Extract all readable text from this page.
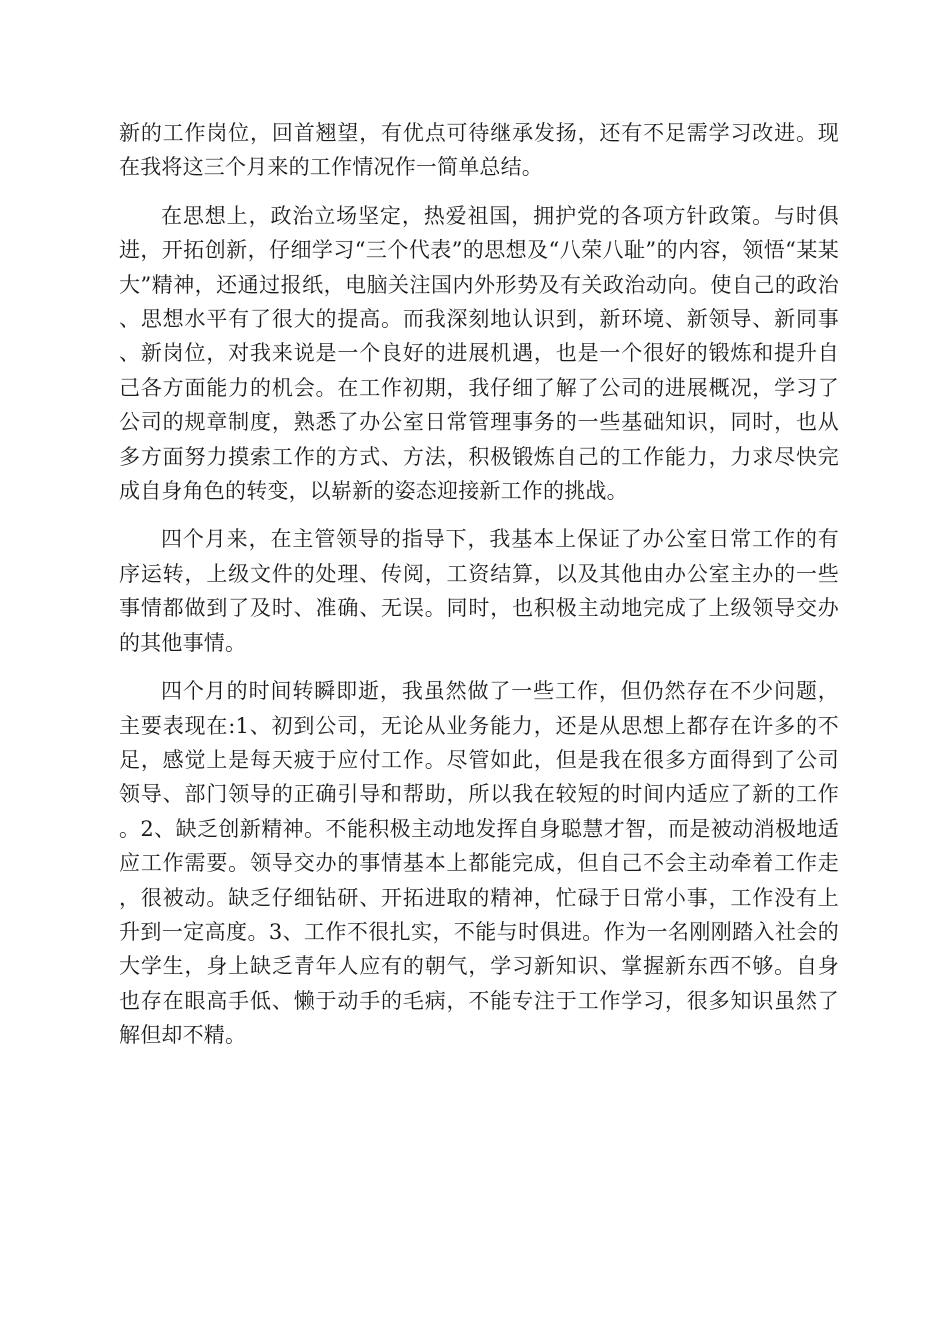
新的工作岗位，回首翘望，有优点可待继承发扬，还有不足需学习改进。现在我将这三个月来的工作情况作一简单总结。

在思想上，政治立场坚定，热爱祖国，拥护党的各项方针政策。与时俱进，开拓创新，仔细学习“三个代表”的思想及“八荣八耻”的内容，领悟“某某大”精神，还通过报纸，电脑关注国内外形势及有关政治动向。使自己的政治、思想水平有了很大的提高。而我深刻地认识到，新环境、新领导、新同事、新岗位，对我来说是一个良好的进展机遇，也是一个很好的锻炼和提升自己各方面能力的机会。在工作初期，我仔细了解了公司的进展概况，学习了公司的规章制度，熟悉了办公室日常管理事务的一些基础知识，同时，也从多方面努力摸索工作的方式、方法，积极锻炼自己的工作能力，力求尽快完成自身角色的转变，以崭新的姿态迎接新工作的挑战。

四个月来，在主管领导的指导下，我基本上保证了办公室日常工作的有序运转，上级文件的处理、传阅，工资结算，以及其他由办公室主办的一些事情都做到了及时、准确、无误。同时，也积极主动地完成了上级领导交办的其他事情。

四个月的时间转瞬即逝，我虽然做了一些工作，但仍然存在不少问题，主要表现在:1、初到公司，无论从业务能力，还是从思想上都存在许多的不足，感觉上是每天疲于应付工作。尽管如此，但是我在很多方面得到了公司领导、部门领导的正确引导和帮助，所以我在较短的时间内适应了新的工作。2、缺乏创新精神。不能积极主动地发挥自身聪慧才智，而是被动消极地适应工作需要。领导交办的事情基本上都能完成，但自己不会主动牵着工作走，很被动。缺乏仔细钻研、开拓进取的精神，忙碌于日常小事，工作没有上升到一定高度。3、工作不很扎实，不能与时俱进。作为一名刚刚踏入社会的大学生，身上缺乏青年人应有的朝气，学习新知识、掌握新东西不够。自身也存在眼高手低、懒于动手的毛病，不能专注于工作学习，很多知识虽然了解但却不精。
